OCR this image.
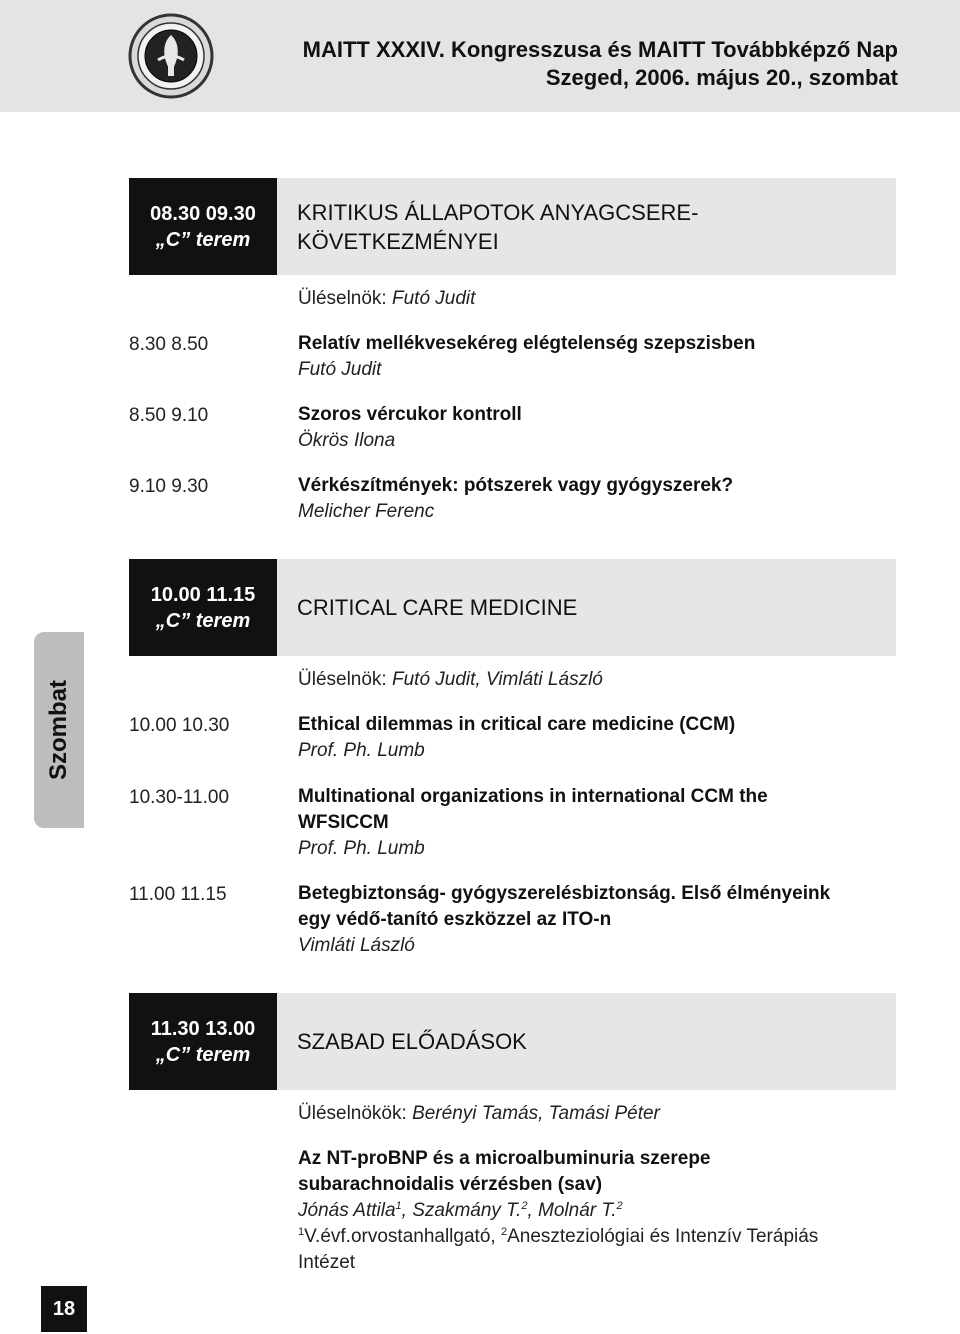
MAITT XXXIV. Kongresszusa és MAITT Továbbképző Nap
Szeged, 2006. május 20., szombat
Szombat
08.30 09.30
„C” terem
KRITIKUS ÁLLAPOTOK ANYAGCSERE-
KÖVETKEZMÉNYEI
Üléselnök: Futó Judit
8.30 8.50	Relatív mellékvesekéreg elégtelenség szepszisben
Futó Judit
8.50 9.10	Szoros vércukor kontroll
Ökrös Ilona
9.10 9.30	Vérkészítmények: pótszerek vagy gyógyszerek?
Melicher Ferenc
10.00 11.15
„C” terem
CRITICAL CARE MEDICINE
Üléselnök: Futó Judit, Vimláti László
10.00 10.30	Ethical dilemmas in critical care medicine (CCM)
Prof. Ph. Lumb
10.30-11.00	Multinational organizations in international CCM the
WFSICCM
Prof. Ph. Lumb
11.00 11.15	Betegbiztonság- gyógyszerelésbiztonság. Első élményeink
egy védő-tanító eszközzel az ITO-n
Vimláti László
11.30 13.00
„C” terem
SZABAD ELŐADÁSOK
Üléselnökök: Berényi Tamás, Tamási Péter
Az NT-proBNP és a microalbuminuria szerepe
subarachnoidalis vérzésben (sav)
Jónás Attila$^1$, Szakmány T.$^2$, Molnár T.$^2$
$^1$V.évf.orvostanhallgató, $^2$Aneszteziológiai és Intenzív Terápiás
Intézet
18
